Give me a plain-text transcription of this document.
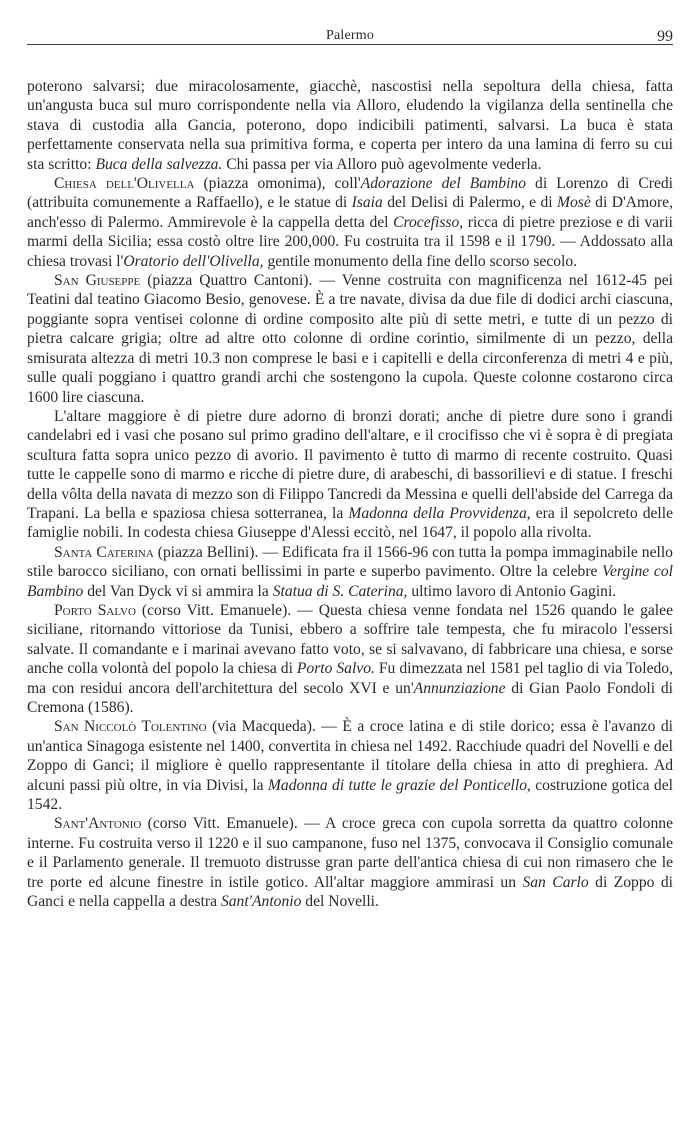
Palermo	99

poterono salvarsi; due miracolosamente, giacchè, nascostisi nella sepoltura della chiesa, fatta un'angusta buca sul muro corrispondente nella via Alloro, eludendo la vigilanza della sentinella che stava di custodia alla Gancia, poterono, dopo indicibili patimenti, salvarsi. La buca è stata perfettamente conservata nella sua primitiva forma, e coperta per intero da una lamina di ferro su cui sta scritto: Buca della salvezza. Chi passa per via Alloro può agevolmente vederla.

Chiesa dell'Olivella (piazza omonima), coll'Adorazione del Bambino di Lorenzo di Credi (attribuita comunemente a Raffaello), e le statue di Isaia del Delisi di Palermo, e di Mosè di D'Amore, anch'esso di Palermo. Ammirevole è la cappella detta del Crocefisso, ricca di pietre preziose e di varii marmi della Sicilia; essa costò oltre lire 200,000. Fu costruita tra il 1598 e il 1790. — Addossato alla chiesa trovasi l'Oratorio dell'Olivella, gentile monumento della fine dello scorso secolo.

San Giuseppe (piazza Quattro Cantoni). — Venne costruita con magnificenza nel 1612-45 pei Teatini dal teatino Giacomo Besio, genovese. È a tre navate, divisa da due file di dodici archi ciascuna, poggiante sopra ventisei colonne di ordine composito alte più di sette metri, e tutte di un pezzo di pietra calcare grigia; oltre ad altre otto colonne di ordine corintio, similmente di un pezzo, della smisurata altezza di metri 10.3 non comprese le basi e i capitelli e della circonferenza di metri 4 e più, sulle quali poggiano i quattro grandi archi che sostengono la cupola. Queste colonne costarono circa 1600 lire ciascuna.

L'altare maggiore è di pietre dure adorno di bronzi dorati; anche di pietre dure sono i grandi candelabri ed i vasi che posano sul primo gradino dell'altare, e il crocifisso che vi è sopra è di pregiata scultura fatta sopra unico pezzo di avorio. Il pavimento è tutto di marmo di recente costruito. Quasi tutte le cappelle sono di marmo e ricche di pietre dure, di arabeschi, di bassorilievi e di statue. I freschi della vôlta della navata di mezzo son di Filippo Tancredi da Messina e quelli dell'abside del Carrega da Trapani. La bella e spaziosa chiesa sotterranea, la Madonna della Provvidenza, era il sepolcreto delle famiglie nobili. In codesta chiesa Giuseppe d'Alessi eccitò, nel 1647, il popolo alla rivolta.

Santa Caterina (piazza Bellini). — Edificata fra il 1566-96 con tutta la pompa immaginabile nello stile barocco siciliano, con ornati bellissimi in parte e superbo pavimento. Oltre la celebre Vergine col Bambino del Van Dyck vi si ammira la Statua di S. Caterina, ultimo lavoro di Antonio Gagini.

Porto Salvo (corso Vitt. Emanuele). — Questa chiesa venne fondata nel 1526 quando le galee siciliane, ritornando vittoriose da Tunisi, ebbero a soffrire tale tempesta, che fu miracolo l'essersi salvate. Il comandante e i marinai avevano fatto voto, se si salvavano, di fabbricare una chiesa, e sorse anche colla volontà del popolo la chiesa di Porto Salvo. Fu dimezzata nel 1581 pel taglio di via Toledo, ma con residui ancora dell'architettura del secolo XVI e un'Annunziazione di Gian Paolo Fondoli di Cremona (1586).

San Niccolò Tolentino (via Macqueda). — È a croce latina e di stile dorico; essa è l'avanzo di un'antica Sinagoga esistente nel 1400, convertita in chiesa nel 1492. Racchiude quadri del Novelli e del Zoppo di Ganci; il migliore è quello rappresentante il titolare della chiesa in atto di preghiera. Ad alcuni passi più oltre, in via Divisi, la Madonna di tutte le grazie del Ponticello, costruzione gotica del 1542.

Sant'Antonio (corso Vitt. Emanuele). — A croce greca con cupola sorretta da quattro colonne interne. Fu costruita verso il 1220 e il suo campanone, fuso nel 1375, convocava il Consiglio comunale e il Parlamento generale. Il tremuoto distrusse gran parte dell'antica chiesa di cui non rimasero che le tre porte ed alcune finestre in istile gotico. All'altar maggiore ammirasi un San Carlo di Zoppo di Ganci e nella cappella a destra Sant'Antonio del Novelli.
